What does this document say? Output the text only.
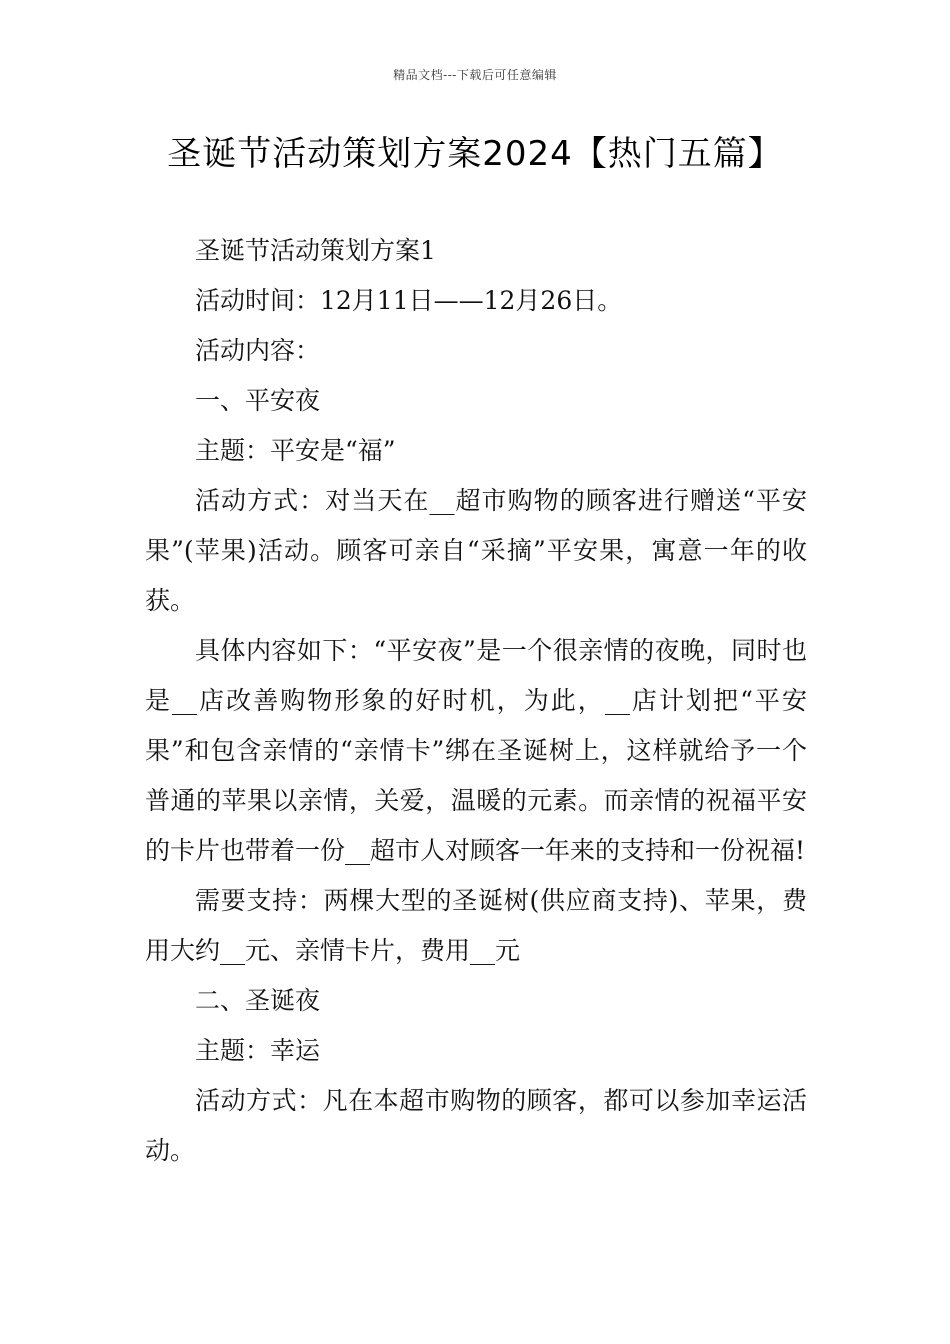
精品文档---下载后可任意编辑
圣诞节活动策划方案2024【热门五篇】

圣诞节活动策划方案1

活动时间：12月11日——12月26日。

活动内容：

一、平安夜

主题：平安是“福”

活动方式：对当天在__超市购物的顾客进行赠送“平安果”(苹果)活动。顾客可亲自“采摘”平安果，寓意一年的收获。

具体内容如下：“平安夜”是一个很亲情的夜晚，同时也是__店改善购物形象的好时机，为此，__店计划把“平安果”和包含亲情的“亲情卡”绑在圣诞树上，这样就给予一个普通的苹果以亲情，关爱，温暖的元素。而亲情的祝福平安的卡片也带着一份__超市人对顾客一年来的支持和一份祝福!

需要支持：两棵大型的圣诞树(供应商支持)、苹果，费用大约__元、亲情卡片，费用__元

二、圣诞夜

主题：幸运

活动方式：凡在本超市购物的顾客，都可以参加幸运活动。
